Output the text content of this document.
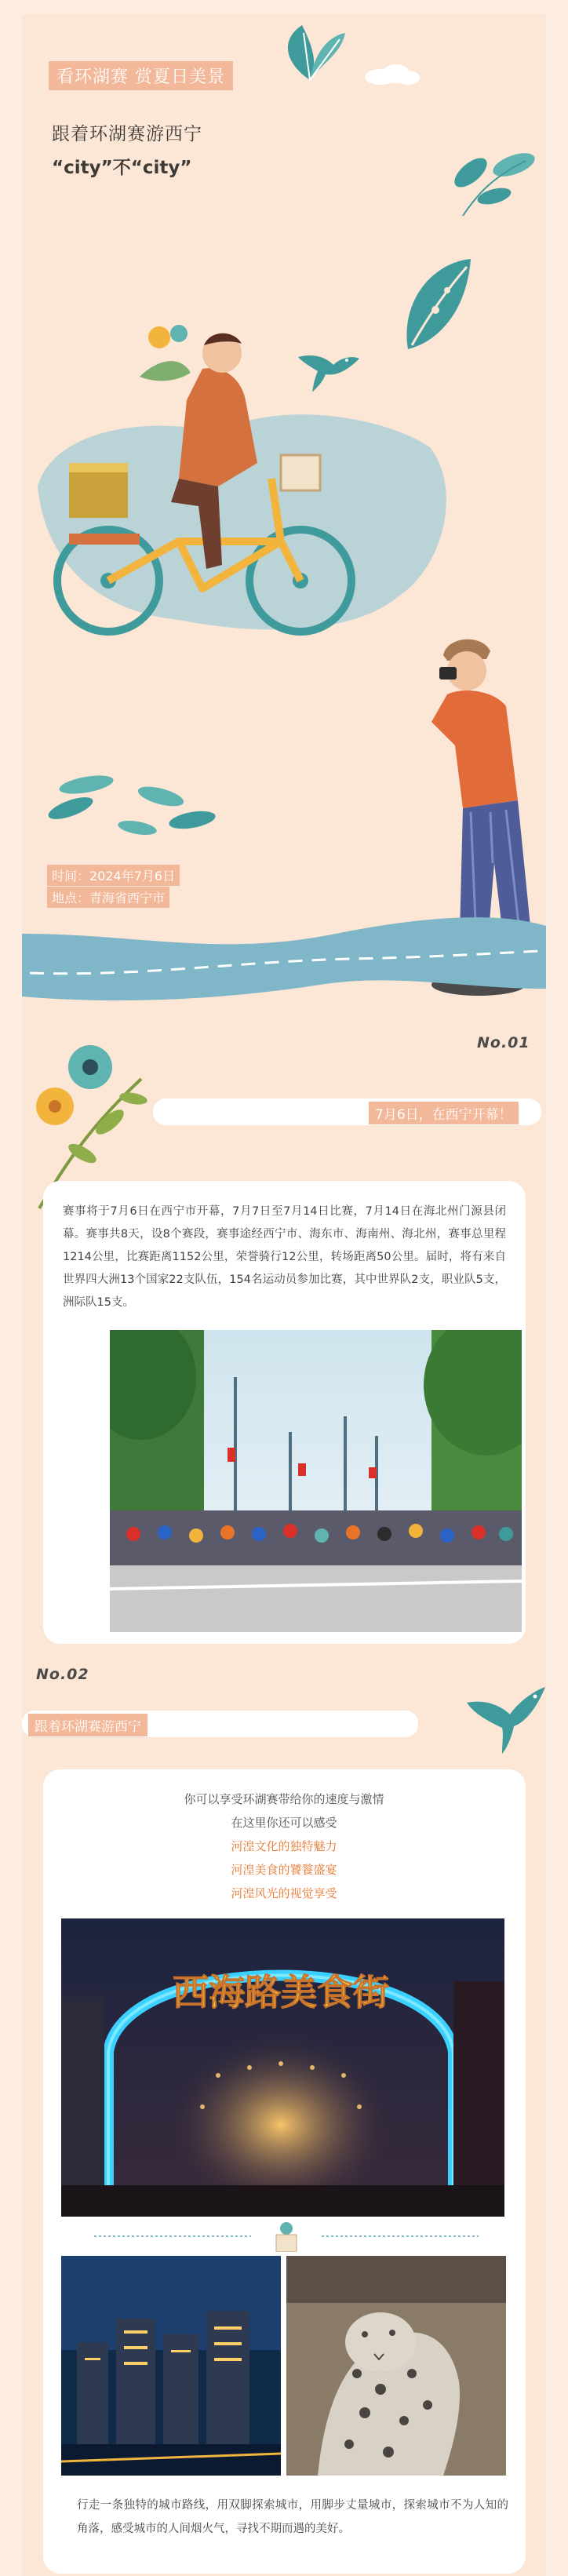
看环湖赛 赏夏日美景
跟着环湖赛游西宁
“city”不“city”
时间：2024年7月6日
地点：青海省西宁市
No.01
7月6日，在西宁开幕！
赛事将于7月6日在西宁市开幕，7月7日至7月14日比赛，7月14日在海北州门源县闭幕。赛事共8天，设8个赛段，赛事途经西宁市、海东市、海南州、海北州，赛事总里程1214公里，比赛距离1152公里，荣誉骑行12公里，转场距离50公里。届时，将有来自世界四大洲13个国家22支队伍，154名运动员参加比赛，其中世界队2支，职业队5支，洲际队15支。
No.02
跟着环湖赛游西宁
你可以享受环湖赛带给你的速度与激情
在这里你还可以感受
河湟文化的独特魅力
河湟美食的饕餮盛宴
河湟风光的视觉享受
西海路美食街
行走一条独特的城市路线，用双脚探索城市，用脚步丈量城市，探索城市不为人知的角落，感受城市的人间烟火气，寻找不期而遇的美好。
